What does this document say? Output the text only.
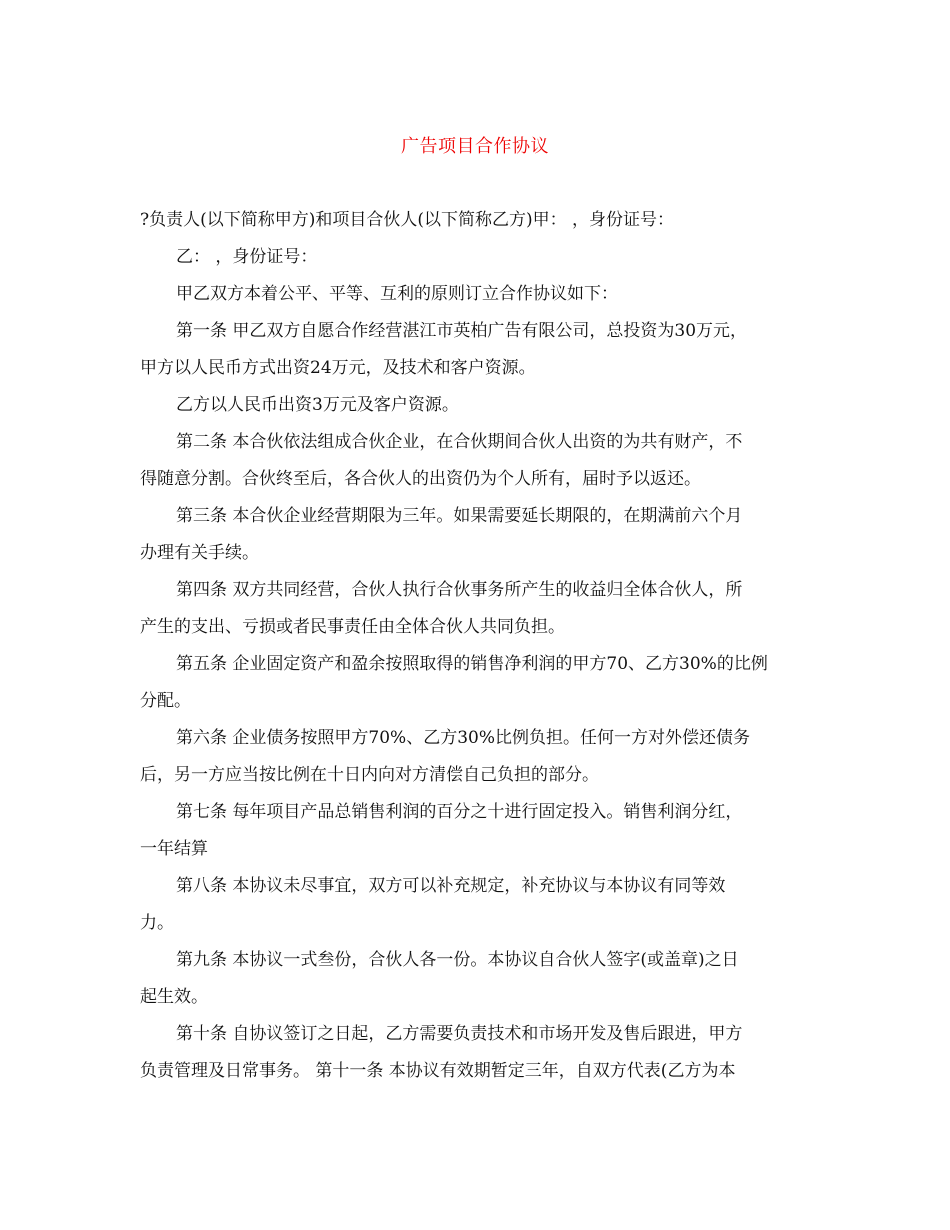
广告项目合作协议
?负责人(以下简称甲方)和项目合伙人(以下简称乙方)甲： ，身份证号：
乙： ，身份证号：
甲乙双方本着公平、平等、互利的原则订立合作协议如下：
第一条 甲乙双方自愿合作经营湛江市英柏广告有限公司，总投资为30万元，
甲方以人民币方式出资24万元，及技术和客户资源。
乙方以人民币出资3万元及客户资源。
第二条 本合伙依法组成合伙企业，在合伙期间合伙人出资的为共有财产，不
得随意分割。合伙终至后，各合伙人的出资仍为个人所有，届时予以返还。
第三条 本合伙企业经营期限为三年。如果需要延长期限的，在期满前六个月
办理有关手续。
第四条 双方共同经营，合伙人执行合伙事务所产生的收益归全体合伙人，所
产生的支出、亏损或者民事责任由全体合伙人共同负担。
第五条 企业固定资产和盈余按照取得的销售净利润的甲方70、乙方30%的比例
分配。
第六条 企业债务按照甲方70%、乙方30%比例负担。任何一方对外偿还债务
后，另一方应当按比例在十日内向对方清偿自己负担的部分。
第七条 每年项目产品总销售利润的百分之十进行固定投入。销售利润分红，
一年结算
第八条 本协议未尽事宜，双方可以补充规定，补充协议与本协议有同等效
力。
第九条 本协议一式叁份，合伙人各一份。本协议自合伙人签字(或盖章)之日
起生效。
第十条 自协议签订之日起，乙方需要负责技术和市场开发及售后跟进，甲方
负责管理及日常事务。 第十一条 本协议有效期暂定三年，自双方代表(乙方为本
